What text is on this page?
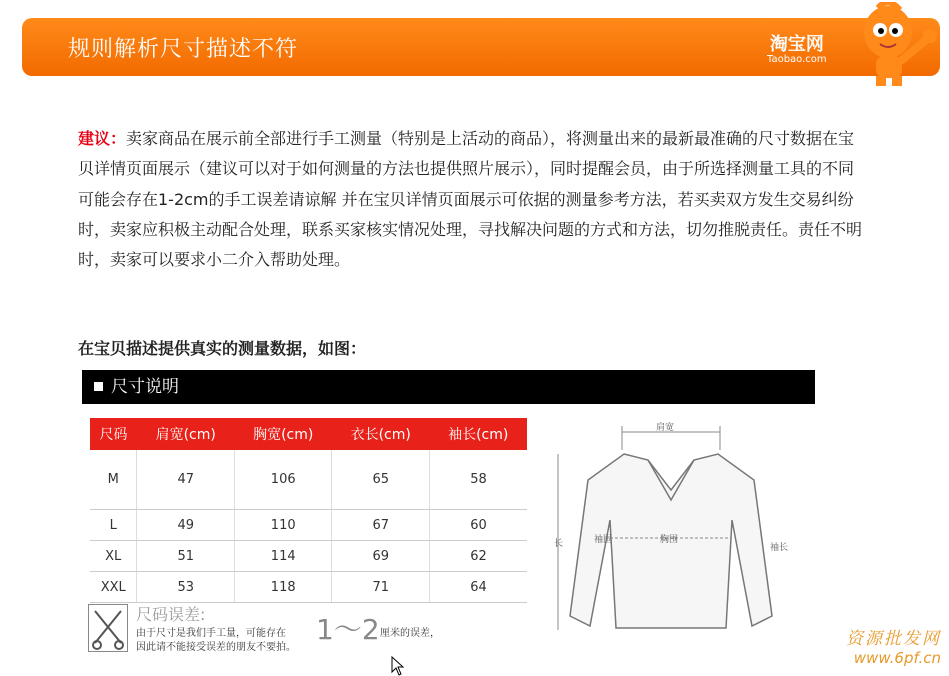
规则解析尺寸描述不符	淘宝网
Taobao.com
建议：卖家商品在展示前全部进行手工测量（特别是上活动的商品），将测量出来的最新最准确的尺寸数据在宝贝详情页面展示（建议可以对于如何测量的方法也提供照片展示），同时提醒会员，由于所选择测量工具的不同可能会存在1-2cm的手工误差请谅解 并在宝贝详情页面展示可依据的测量参考方法，若买卖双方发生交易纠纷时，卖家应积极主动配合处理，联系买家核实情况处理，寻找解决问题的方式和方法，切勿推脱责任。责任不明时，卖家可以要求小二介入帮助处理。
在宝贝描述提供真实的测量数据，如图：
尺寸说明
尺码	肩宽(cm)	胸宽(cm)	衣长(cm)	袖长(cm)
M	47	106	65	58
L	49	110	67	60
XL	51	114	69	62
XXL	53	118	71	64
尺码误差:
由于尺寸是我们手工量，可能存在 1～2 厘米的误差，
因此请不能接受误差的朋友不要拍。
肩宽
长	袖围	胸围
袖长
资源批发网
www.6pf.cn
